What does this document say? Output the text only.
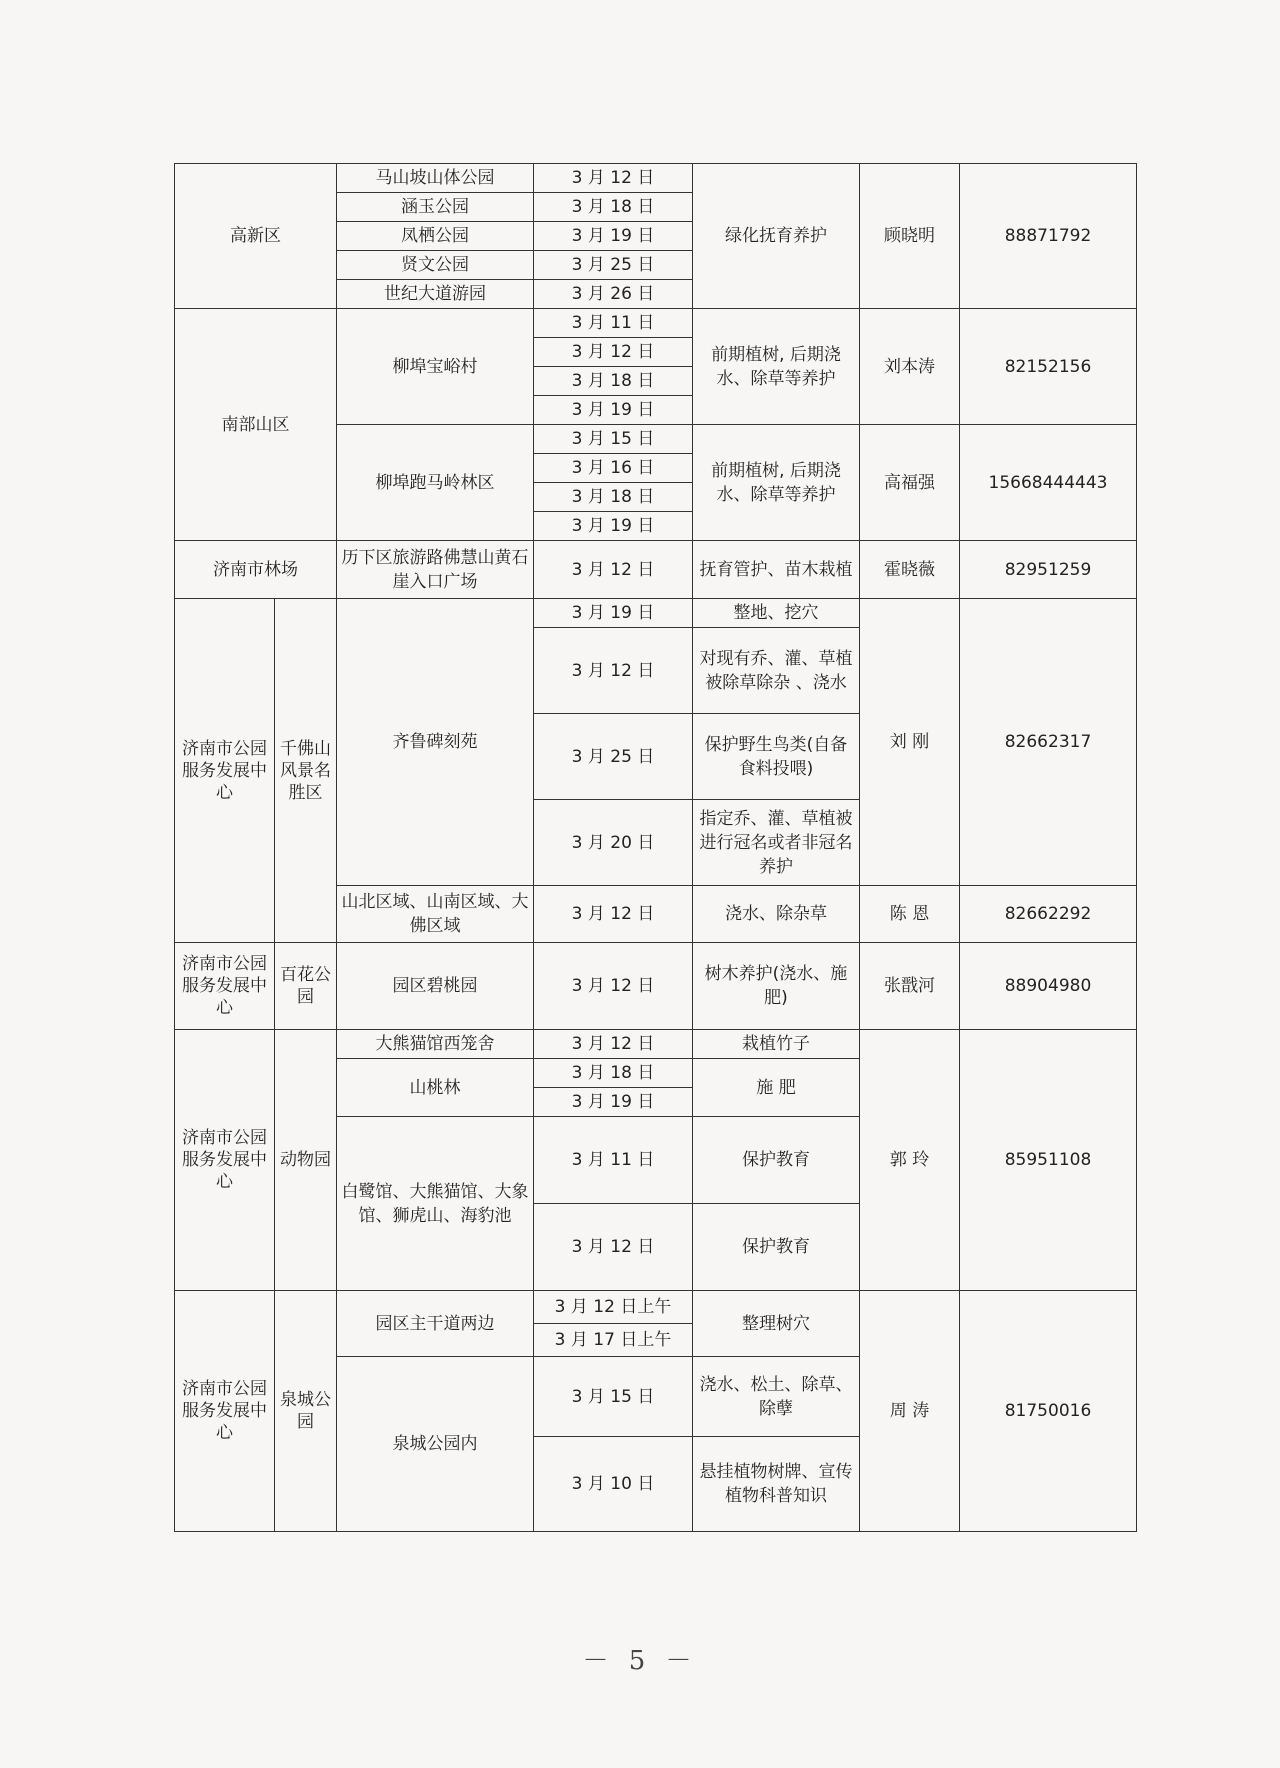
高新区		马山坡山体公园	3 月 12 日	绿化抚育养护	顾晓明	88871792
		涵玉公园	3 月 18 日			
		凤栖公园	3 月 19 日			
		贤文公园	3 月 25 日			
		世纪大道游园	3 月 26 日			
南部山区		柳埠宝峪村	3 月 11 日	前期植树, 后期浇水、除草等养护	刘本涛	82152156
			3 月 12 日			
			3 月 18 日			
			3 月 19 日			
		柳埠跑马岭林区	3 月 15 日	前期植树, 后期浇水、除草等养护	高福强	15668444443
			3 月 16 日			
			3 月 18 日			
			3 月 19 日			
济南市林场		历下区旅游路佛慧山黄石崖入口广场	3 月 12 日	抚育管护、苗木栽植	霍晓薇	82951259
济南市公园服务发展中心	千佛山风景名胜区	齐鲁碑刻苑	3 月 19 日	整地、挖穴	刘 刚	82662317
			3 月 12 日	对现有乔、灌、草植被除草除杂 、浇水		
			3 月 25 日	保护野生鸟类(自备食料投喂)		
			3 月 20 日	指定乔、灌、草植被进行冠名或者非冠名养护		
		山北区域、山南区域、大佛区域	3 月 12 日	浇水、除杂草	陈 恩	82662292
济南市公园服务发展中心	百花公园	园区碧桃园	3 月 12 日	树木养护(浇水、施肥)	张戬河	88904980
济南市公园服务发展中心	动物园	大熊猫馆西笼舍	3 月 12 日	栽植竹子	郭 玲	85951108
		山桃林	3 月 18 日	施 肥		
			3 月 19 日			
		白鹭馆、大熊猫馆、大象馆、狮虎山、海豹池	3 月 11 日	保护教育		
			3 月 12 日	保护教育		
济南市公园服务发展中心	泉城公园	园区主干道两边	3 月 12 日上午	整理树穴	周 涛	81750016
			3 月 17 日上午			
		泉城公园内	3 月 15 日	浇水、松土、除草、除孽		
			3 月 10 日	悬挂植物树牌、宣传植物科普知识		
－ 5 －
